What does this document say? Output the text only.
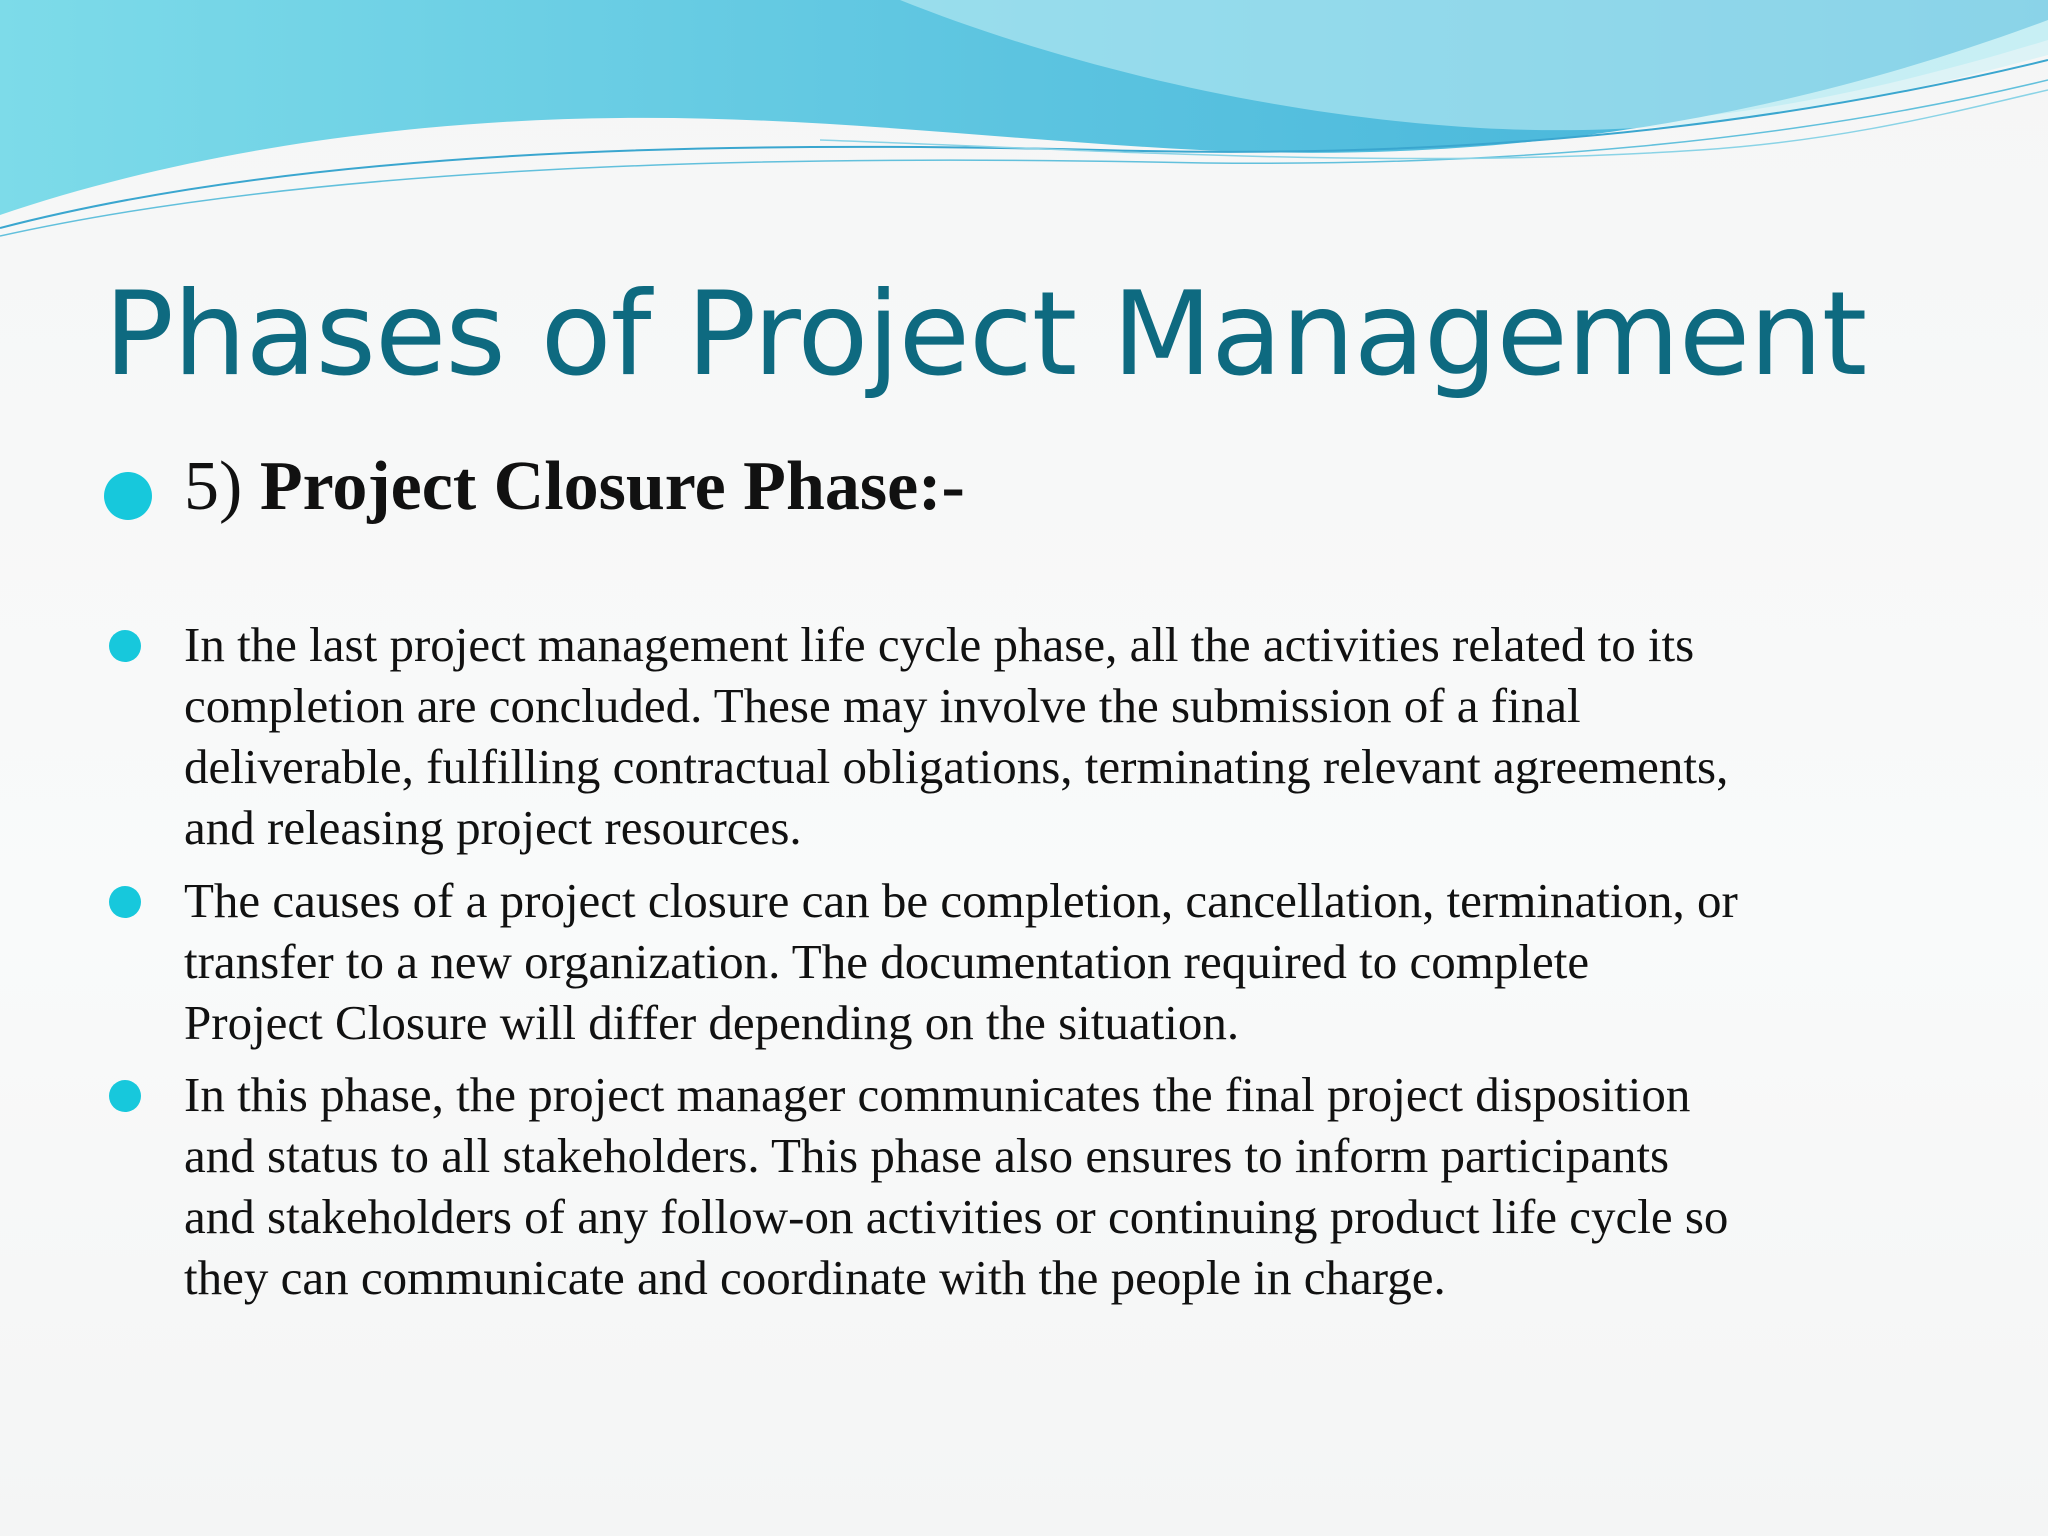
Phases of Project Management
5) Project Closure Phase:-
In the last project management life cycle phase, all the activities related to its
completion are concluded. These may involve the submission of a final
deliverable, fulfilling contractual obligations, terminating relevant agreements,
and releasing project resources.
The causes of a project closure can be completion, cancellation, termination, or
transfer to a new organization. The documentation required to complete
Project Closure will differ depending on the situation.
In this phase, the project manager communicates the final project disposition
and status to all stakeholders. This phase also ensures to inform participants
and stakeholders of any follow-on activities or continuing product life cycle so
they can communicate and coordinate with the people in charge.
